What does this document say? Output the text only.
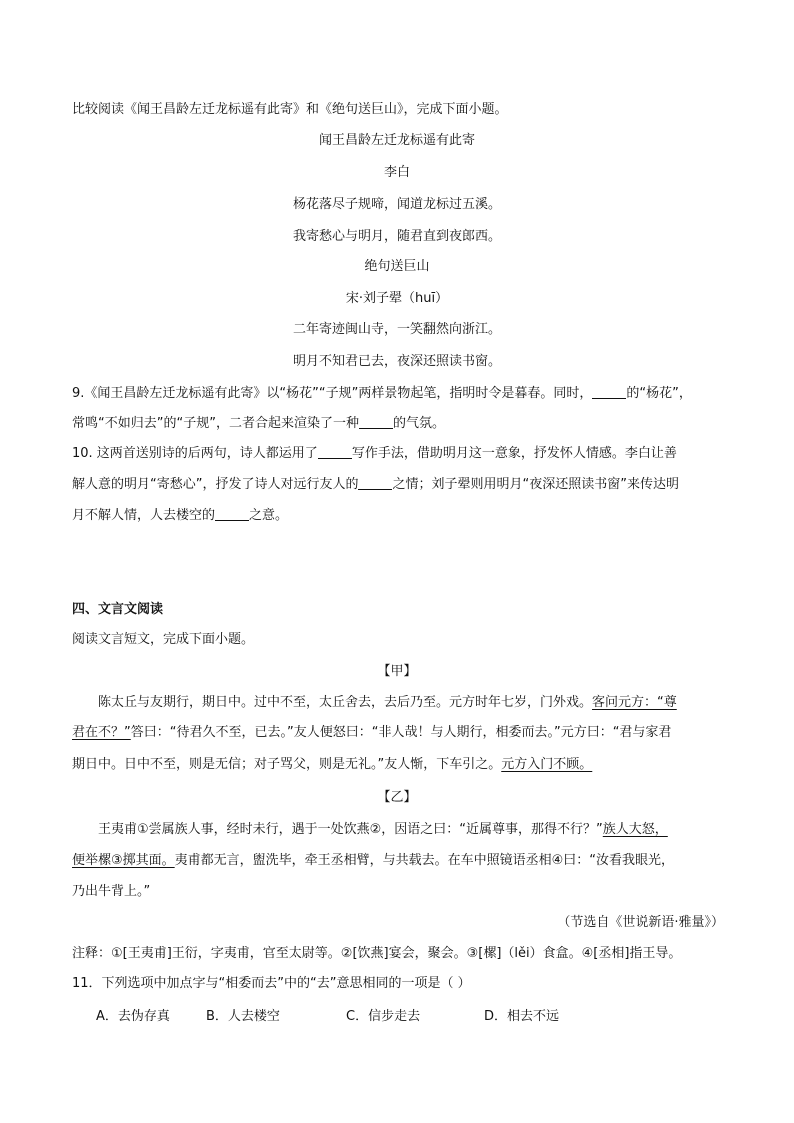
比较阅读《闻王昌龄左迁龙标遥有此寄》和《绝句送巨山》，完成下面小题。
闻王昌龄左迁龙标遥有此寄
李白
杨花落尽子规啼，闻道龙标过五溪。
我寄愁心与明月，随君直到夜郎西。
绝句送巨山
宋·刘子翚（huī）
二年寄迹闽山寺，一笑翻然向浙江。
明月不知君已去，夜深还照读书窗。
9.《闻王昌龄左迁龙标遥有此寄》以“杨花”“子规”两样景物起笔，指明时令是暮春。同时，	的“杨花”，
常鸣“不如归去”的“子规”，二者合起来渲染了一种	的气氛。
10. 这两首送别诗的后两句，诗人都运用了	写作手法，借助明月这一意象，抒发怀人情感。李白让善
解人意的明月“寄愁心”，抒发了诗人对远行友人的	之情；刘子翚则用明月“夜深还照读书窗”来传达明
月不解人情，人去楼空的	之意。
四、文言文阅读
阅读文言短文，完成下面小题。
【甲】
陈太丘与友期行，期日中。过中不至，太丘舍去，去后乃至。元方时年七岁，门外戏。客问元方：“尊
君在不？”答曰：“待君久不至，已去。”友人便怒曰：“非人哉！与人期行，相委而去。”元方曰：“君与家君
期日中。日中不至，则是无信；对子骂父，则是无礼。”友人惭，下车引之。元方入门不顾。
【乙】
王夷甫①尝属族人事，经时未行，遇于一处饮燕②，因语之曰：“近属尊事，那得不行？”族人大怒，
便举樏③掷其面。夷甫都无言，盥洗毕，牵王丞相臂，与共载去。在车中照镜语丞相④曰：“汝看我眼光，
乃出牛背上。”
（节选自《世说新语·雅量》）
注释：①[王夷甫]王衍，字夷甫，官至太尉等。②[饮燕]宴会，聚会。③[樏]（lěi）食盒。④[丞相]指王导。
11．下列选项中加点字与“相委而去”中的“去”意思相同的一项是（ ）
A．去伪存真	B．人去楼空	C．信步走去	D．相去不远
